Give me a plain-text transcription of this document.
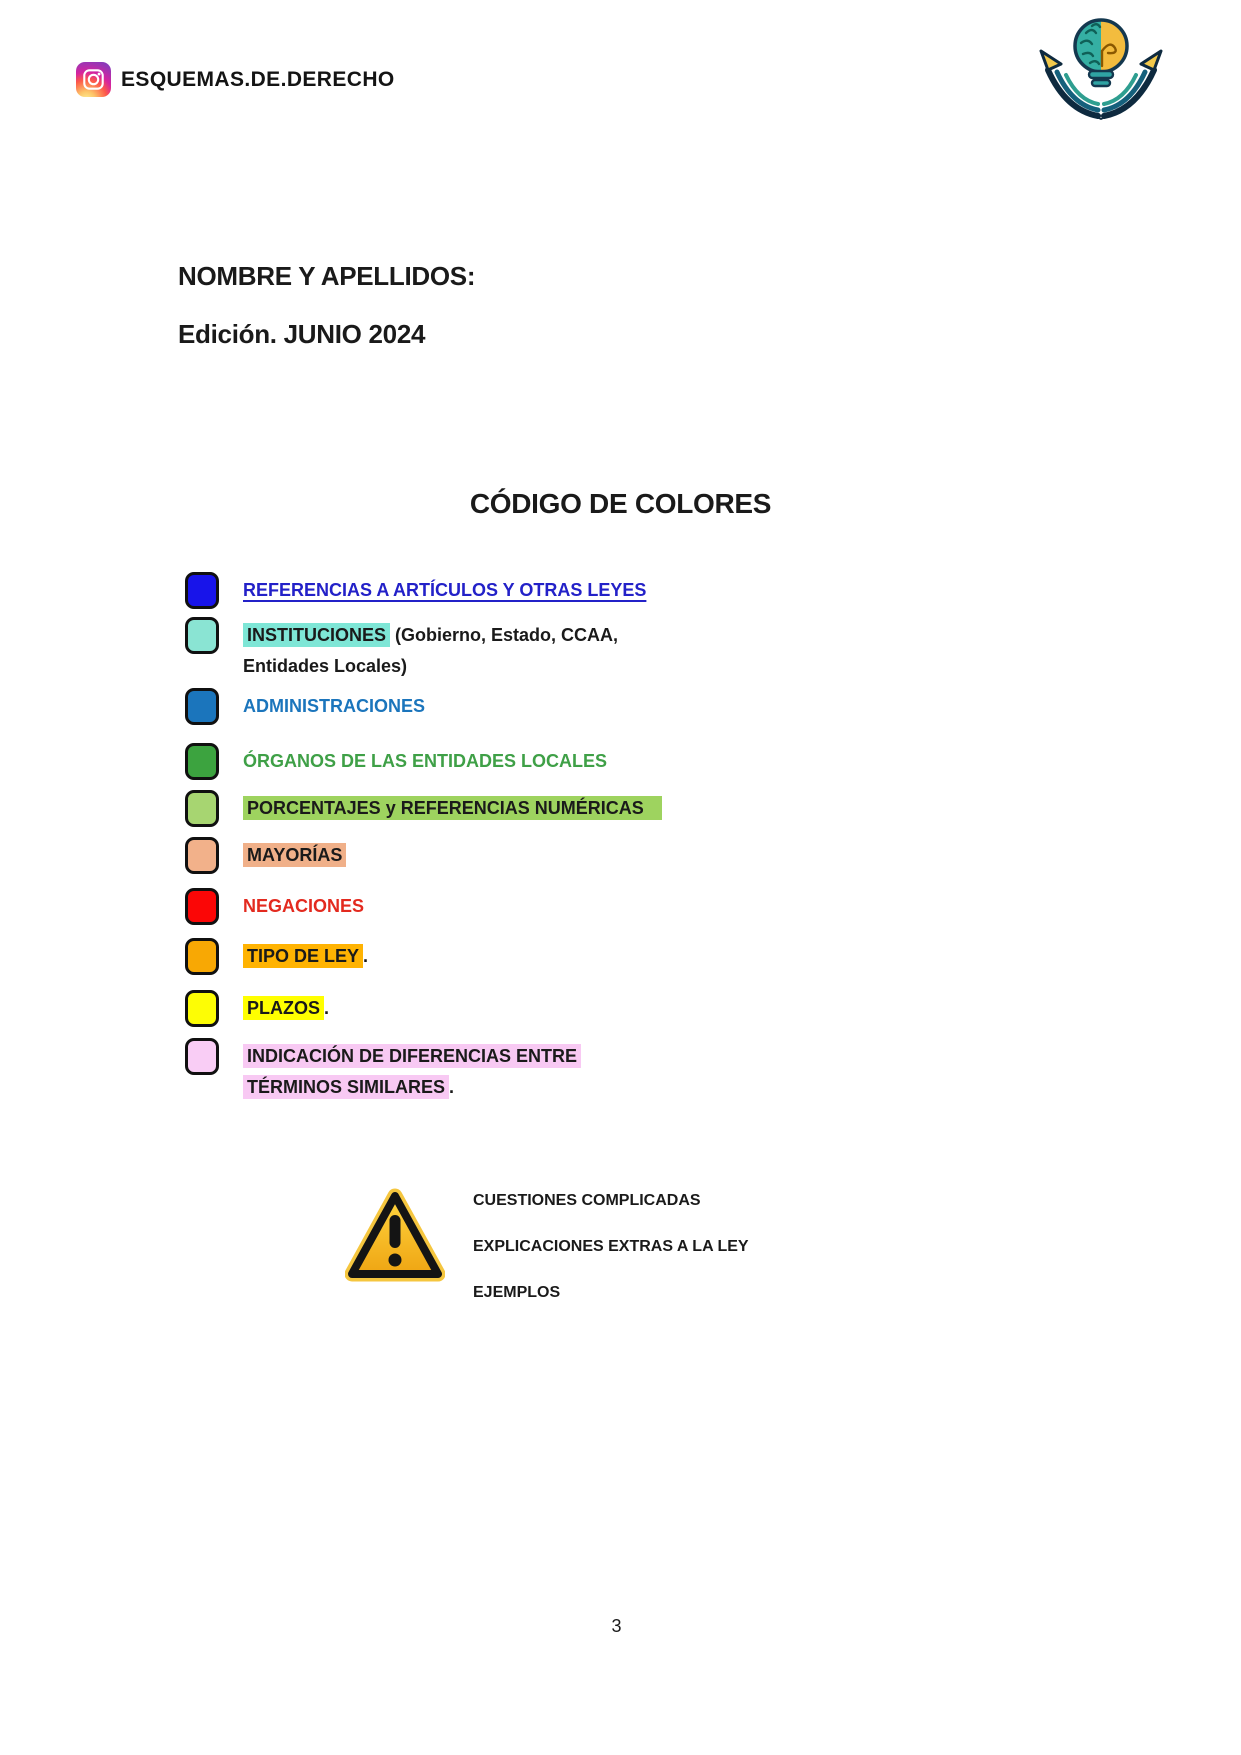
ESQUEMAS.DE.DERECHO
NOMBRE Y APELLIDOS:
Edición. JUNIO 2024
CÓDIGO DE COLORES
REFERENCIAS A ARTÍCULOS Y OTRAS LEYES
INSTITUCIONES (Gobierno, Estado, CCAA,
Entidades Locales)
ADMINISTRACIONES
ÓRGANOS DE LAS ENTIDADES LOCALES
PORCENTAJES y REFERENCIAS NUMÉRICAS
MAYORÍAS
NEGACIONES
TIPO DE LEY .
PLAZOS .
INDICACIÓN DE DIFERENCIAS ENTRE
TÉRMINOS SIMILARES .
CUESTIONES COMPLICADAS
EXPLICACIONES EXTRAS A LA LEY
EJEMPLOS
3
